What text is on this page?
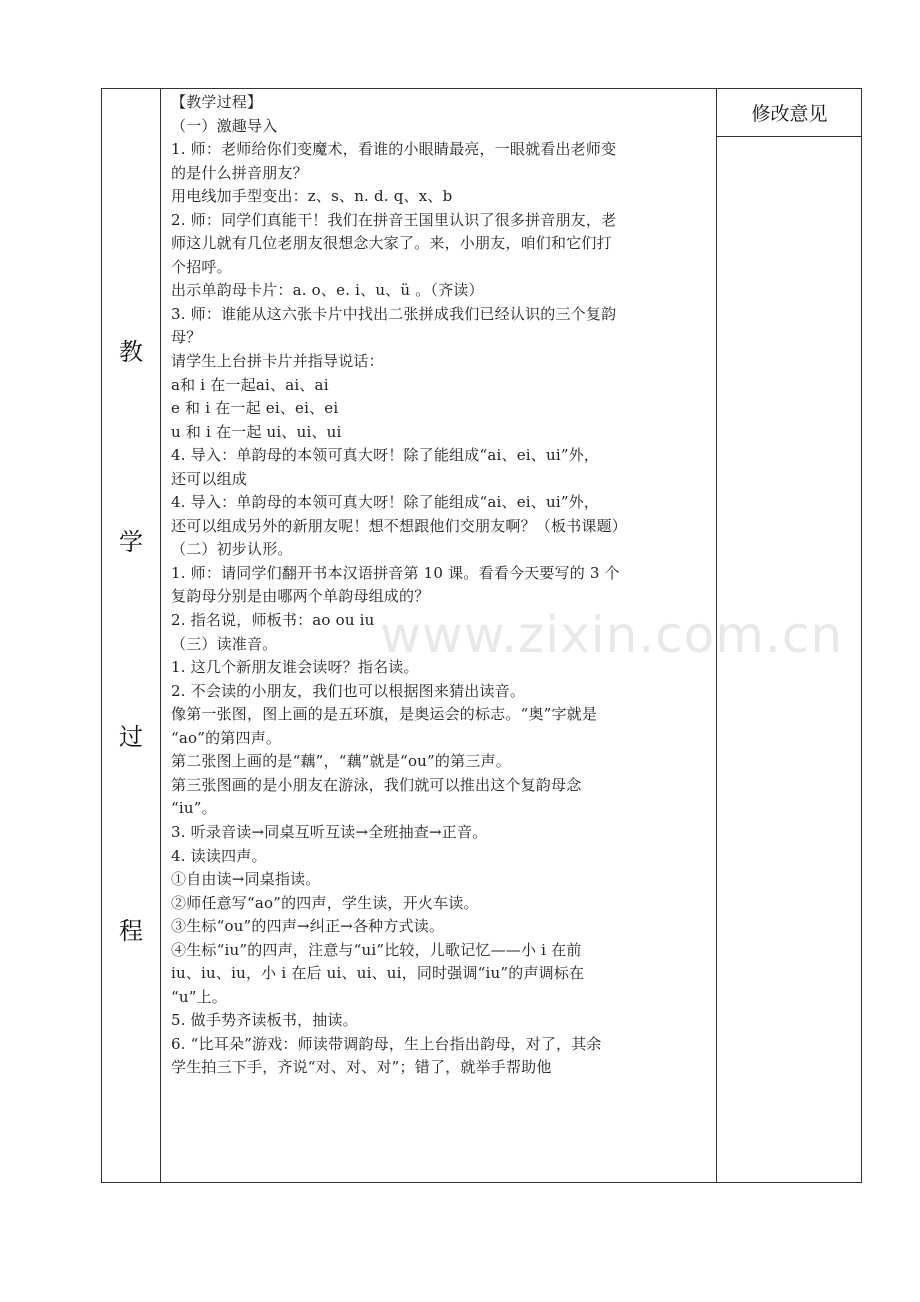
教
学
过
程
修改意见
【教学过程】
（一）激趣导入
1. 师：老师给你们变魔术，看谁的小眼睛最亮，一眼就看出老师变
的是什么拼音朋友？
用电线加手型变出：z、s、n. d. q、x、b
2. 师：同学们真能干！我们在拼音王国里认识了很多拼音朋友，老
师这儿就有几位老朋友很想念大家了。来，小朋友，咱们和它们打
个招呼。
出示单韵母卡片：a. o、e. i、u、ü 。（齐读）
3. 师：谁能从这六张卡片中找出二张拼成我们已经认识的三个复韵
母？
请学生上台拼卡片并指导说话：
a和 i 在一起ai、ai、ai
e 和 i 在一起 ei、ei、ei
u 和 i 在一起 ui、ui、ui
4. 导入：单韵母的本领可真大呀！除了能组成“ai、ei、ui”外，
还可以组成
4. 导入：单韵母的本领可真大呀！除了能组成“ai、ei、ui”外，
还可以组成另外的新朋友呢！想不想跟他们交朋友啊？（板书课题）
（二）初步认形。
1. 师：请同学们翻开书本汉语拼音第 10 课。看看今天要写的 3 个
复韵母分别是由哪两个单韵母组成的？
2. 指名说，师板书：ao ou iu
（三）读准音。
1. 这几个新朋友谁会读呀？指名读。
2. 不会读的小朋友，我们也可以根据图来猜出读音。
像第一张图，图上画的是五环旗，是奥运会的标志。“奥”字就是
“ao”的第四声。
第二张图上画的是“藕”，“藕”就是“ou”的第三声。
第三张图画的是小朋友在游泳，我们就可以推出这个复韵母念
“iu”。
3. 听录音读→同桌互听互读→全班抽查→正音。
4. 读读四声。
①自由读→同桌指读。
②师任意写“ao”的四声，学生读，开火车读。
③生标“ou”的四声→纠正→各种方式读。
④生标“iu”的四声，注意与“ui”比较，儿歌记忆——小 i 在前
iu、iu、iu，小 i 在后 ui、ui、ui，同时强调“iu”的声调标在
“u”上。
5. 做手势齐读板书，抽读。
6. “比耳朵”游戏：师读带调韵母，生上台指出韵母，对了，其余
学生拍三下手，齐说“对、对、对”；错了，就举手帮助他
www.zixin.com.cn
